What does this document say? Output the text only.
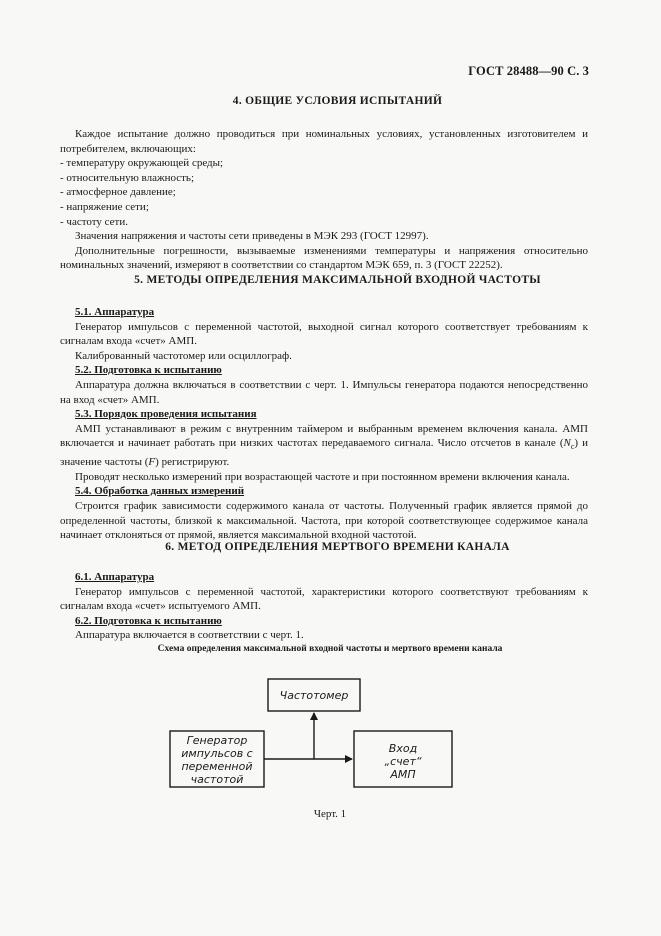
ГОСТ 28488—90 С. 3
4. ОБЩИЕ УСЛОВИЯ ИСПЫТАНИЙ

Каждое испытание должно проводиться при номинальных условиях, установленных изготовителем и потребителем, включающих:

- температуру окружающей среды;

- относительную влажность;

- атмосферное давление;

- напряжение сети;

- частоту сети.

Значения напряжения и частоты сети приведены в МЭК 293 (ГОСТ 12997).

Дополнительные погрешности, вызываемые изменениями температуры и напряжения относительно номинальных значений, измеряют в соответствии со стандартом МЭК 659, п. 3 (ГОСТ 22252).

5. МЕТОДЫ ОПРЕДЕЛЕНИЯ МАКСИМАЛЬНОЙ ВХОДНОЙ ЧАСТОТЫ

5.1. Аппаратура

Генератор импульсов с переменной частотой, выходной сигнал которого соответствует требованиям к сигналам входа «счет» АМП.

Калиброванный частотомер или осциллограф.

5.2. Подготовка к испытанию

Аппаратура должна включаться в соответствии с черт. 1. Импульсы генератора подаются непосредственно на вход «счет» АМП.

5.3. Порядок проведения испытания

АМП устанавливают в режим с внутренним таймером и выбранным временем включения канала. АМП включается и начинает работать при низких частотах передаваемого сигнала. Число отсчетов в канале $(N_c)$ и значение частоты (F) регистрируют.

Проводят несколько измерений при возрастающей частоте и при постоянном времени включения канала.

5.4. Обработка данных измерений

Строится график зависимости содержимого канала от частоты. Полученный график является прямой до определенной частоты, близкой к максимальной. Частота, при которой соответствующее содержимое канала начинает отклоняться от прямой, является максимальной входной частотой.

6. МЕТОД ОПРЕДЕЛЕНИЯ МЕРТВОГО ВРЕМЕНИ КАНАЛА

6.1. Аппаратура

Генератор импульсов с переменной частотой, характеристики которого соответствуют требованиям к сигналам входа «счет» испытуемого АМП.

6.2. Подготовка к испытанию

Аппаратура включается в соответствии с черт. 1.

Схема определения максимальной входной частоты и мертвого времени канала
Частотомер
Генератор
импульсов с
переменной
частотой
Вход
„счет“
АМП
Черт. 1
